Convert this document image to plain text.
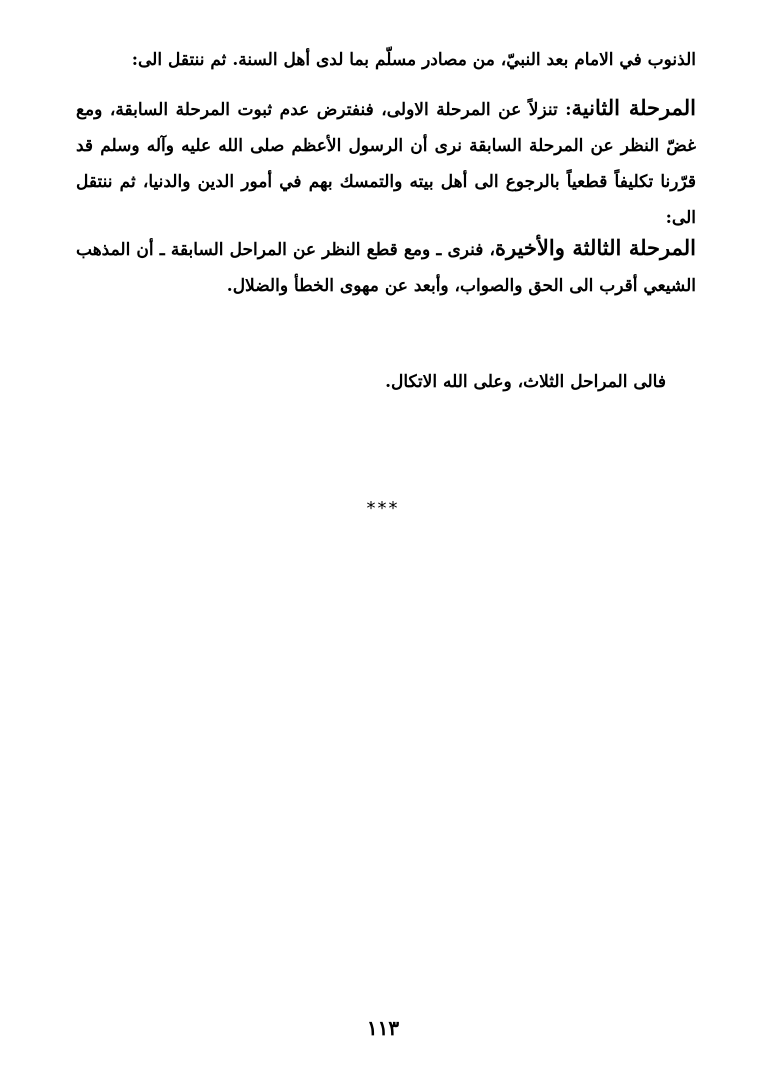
الذنوب في الامام بعد النبيّ، من مصادر مسلّم بما لدى أهل السنة. ثم ننتقل الى:

المرحلة الثانية: تنزلاً عن المرحلة الاولى، فنفترض عدم ثبوت المرحلة السابقة، ومع غضّ النظر عن المرحلة السابقة نرى أن الرسول الأعظم صلى الله عليه وآله وسلم قد قرّرنا تكليفاً قطعياً بالرجوع الى أهل بيته والتمسك بهم في أمور الدين والدنيا، ثم ننتقل الى:

المرحلة الثالثة والأخيرة، فنرى ـ ومع قطع النظر عن المراحل السابقة ـ أن المذهب الشيعي أقرب الى الحق والصواب، وأبعد عن مهوى الخطأ والضلال.

فالى المراحل الثلاث، وعلى الله الاتكال.

***
١١٣
